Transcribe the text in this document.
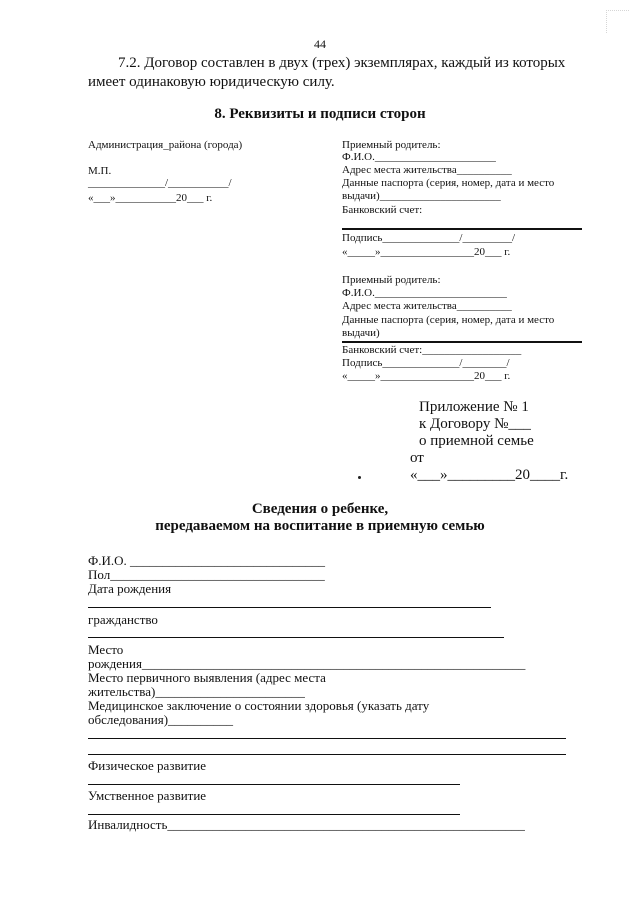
44
7.2. Договор составлен в двух (трех) экземплярах, каждый из которых
имеет одинаковую юридическую силу.
8. Реквизиты и подписи сторон
Администрация_района (города)
М.П.
______________/___________/
«___»___________20___ г.
Приемный родитель:
Ф.И.О.______________________
Адрес места жительства__________
Данные паспорта (серия, номер, дата и место
выдачи)______________________
Банковский счет:
Подпись______________/_________/
«_____»_________________20___ г.
Приемный родитель:
Ф.И.О.________________________
Адрес места жительства__________
Данные паспорта (серия, номер, дата и место
выдачи)
Банковский счет:__________________
Подпись______________/________/
«_____»_________________20___ г.
Приложение № 1
к Договору №___
о приемной семье
от
«___»_________20____г.
Сведения о ребенке,
передаваемом на воспитание в приемную семью
Ф.И.О. ______________________________
Пол_________________________________
Дата рождения
гражданство
Место
рождения___________________________________________________________
Место первичного выявления (адрес места
жительства)_______________________
Медицинское заключение о состоянии здоровья (указать дату
обследования)__________
Физическое развитие
Умственное развитие
Инвалидность_______________________________________________________
